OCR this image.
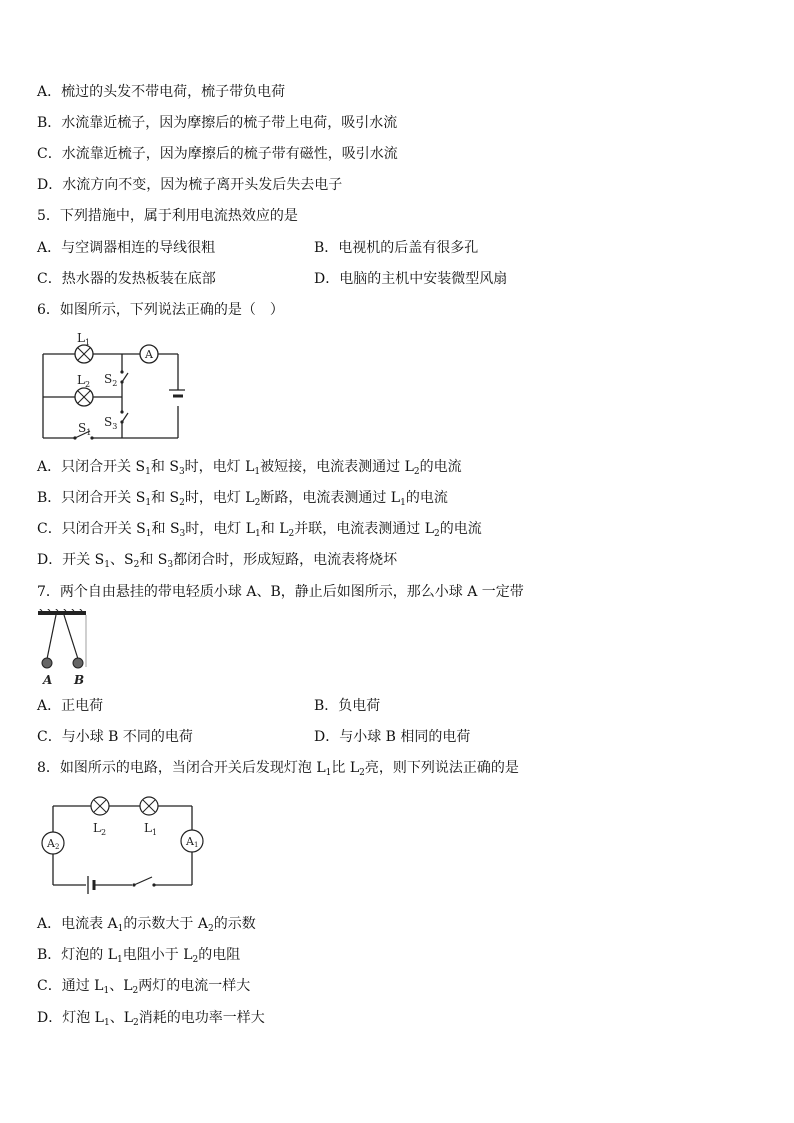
A．梳过的头发不带电荷，梳子带负电荷
B．水流靠近梳子，因为摩擦后的梳子带上电荷，吸引水流
C．水流靠近梳子，因为摩擦后的梳子带有磁性，吸引水流
D．水流方向不变，因为梳子离开头发后失去电子
5．下列措施中，属于利用电流热效应的是
A．与空调器相连的导线很粗	B．电视机的后盖有很多孔
C．热水器的发热板装在底部	D．电脑的主机中安装微型风扇
6．如图所示，下列说法正确的是（　）
A
$L_1$
$L_2$ $S_2$
$S_3$
$S_1$
A．只闭合开关 $S_1$和 $S_3$时，电灯 $L_1$被短接，电流表测通过 $L_2$的电流
B．只闭合开关 $S_1$和 $S_2$时，电灯 $L_2$断路，电流表测通过 $L_1$的电流
C．只闭合开关 $S_1$和 $S_3$时，电灯 $L_1$和 $L_2$并联，电流表测通过 $L_2$的电流
D．开关 $S_1$、$S_2$和 $S_3$都闭合时，形成短路，电流表将烧坏
7．两个自由悬挂的带电轻质小球 A、B，静止后如图所示，那么小球 A 一定带
A B
A．正电荷	B．负电荷
C．与小球 B 不同的电荷	D．与小球 B 相同的电荷
8．如图所示的电路，当闭合开关后发现灯泡 $L_1$比 $L_2$亮，则下列说法正确的是
A2	A1
$L_2$	$L_1$
A．电流表 $A_1$的示数大于 $A_2$的示数
B．灯泡的 $L_1$电阻小于 $L_2$的电阻
C．通过 $L_1$、$L_2$两灯的电流一样大
D．灯泡 $L_1$、$L_2$消耗的电功率一样大
